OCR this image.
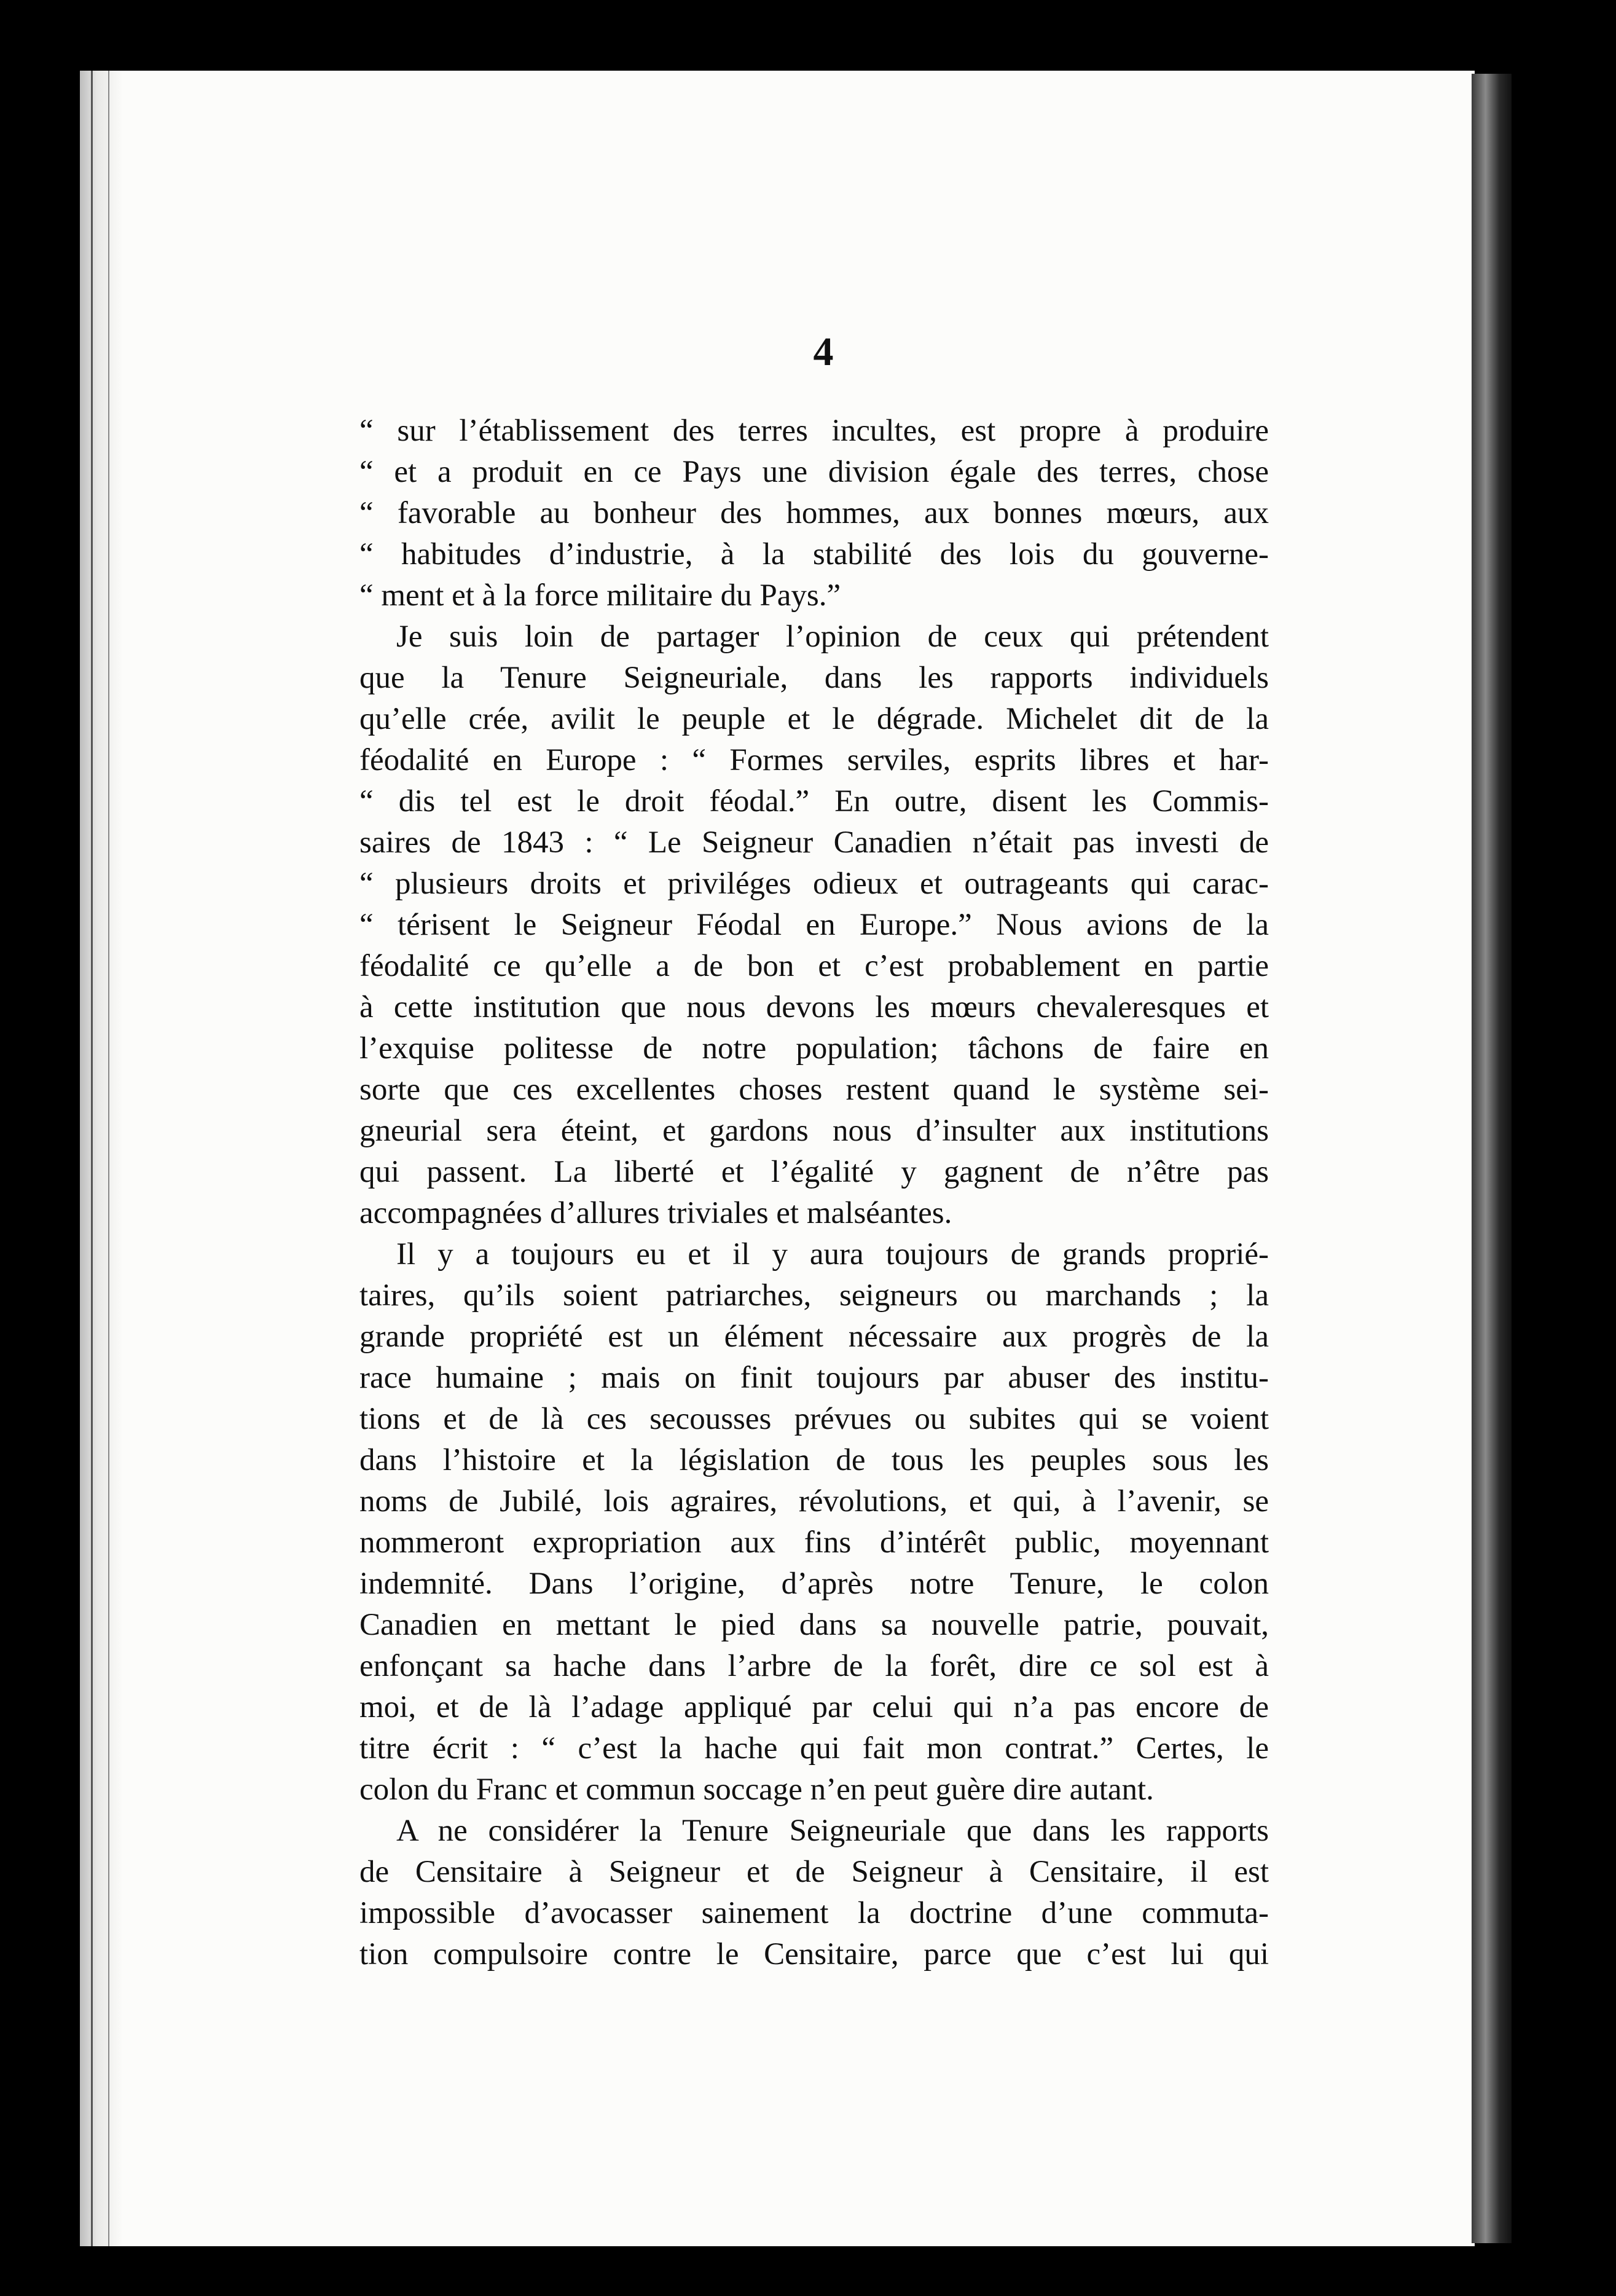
4
“ sur l’établissement des terres incultes, est propre à produire
“ et a produit en ce Pays une division égale des terres, chose
“ favorable au bonheur des hommes, aux bonnes mœurs, aux
“ habitudes d’industrie, à la stabilité des lois du gouverne-
“ ment et à la force militaire du Pays.”
Je suis loin de partager l’opinion de ceux qui prétendent
que la Tenure Seigneuriale, dans les rapports individuels
qu’elle crée, avilit le peuple et le dégrade. Michelet dit de la
féodalité en Europe : “ Formes serviles, esprits libres et har-
“ dis tel est le droit féodal.” En outre, disent les Commis-
saires de 1843 : “ Le Seigneur Canadien n’était pas investi de
“ plusieurs droits et priviléges odieux et outrageants qui carac-
“ térisent le Seigneur Féodal en Europe.” Nous avions de la
féodalité ce qu’elle a de bon et c’est probablement en partie
à cette institution que nous devons les mœurs chevaleresques et
l’exquise politesse de notre population; tâchons de faire en
sorte que ces excellentes choses restent quand le système sei-
gneurial sera éteint, et gardons nous d’insulter aux institutions
qui passent. La liberté et l’égalité y gagnent de n’être pas
accompagnées d’allures triviales et malséantes.
Il y a toujours eu et il y aura toujours de grands proprié-
taires, qu’ils soient patriarches, seigneurs ou marchands ; la
grande propriété est un élément nécessaire aux progrès de la
race humaine ; mais on finit toujours par abuser des institu-
tions et de là ces secousses prévues ou subites qui se voient
dans l’histoire et la législation de tous les peuples sous les
noms de Jubilé, lois agraires, révolutions, et qui, à l’avenir, se
nommeront expropriation aux fins d’intérêt public, moyennant
indemnité. Dans l’origine, d’après notre Tenure, le colon
Canadien en mettant le pied dans sa nouvelle patrie, pouvait,
enfonçant sa hache dans l’arbre de la forêt, dire ce sol est à
moi, et de là l’adage appliqué par celui qui n’a pas encore de
titre écrit : “ c’est la hache qui fait mon contrat.” Certes, le
colon du Franc et commun soccage n’en peut guère dire autant.
A ne considérer la Tenure Seigneuriale que dans les rapports
de Censitaire à Seigneur et de Seigneur à Censitaire, il est
impossible d’avocasser sainement la doctrine d’une commuta-
tion compulsoire contre le Censitaire, parce que c’est lui qui
